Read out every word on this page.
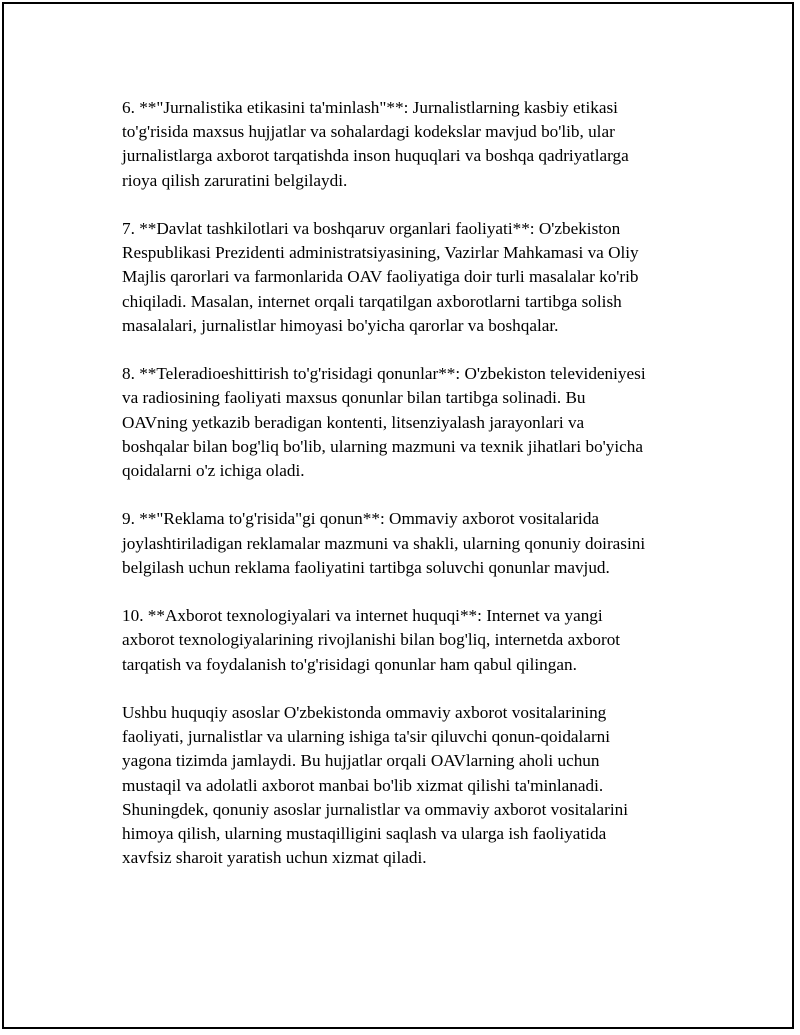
6. **"Jurnalistika etikasini ta'minlash"**: Jurnalistlarning kasbiy etikasi
to'g'risida maxsus hujjatlar va sohalardagi kodekslar mavjud bo'lib, ular
jurnalistlarga axborot tarqatishda inson huquqlari va boshqa qadriyatlarga
rioya qilish zaruratini belgilaydi.

7. **Davlat tashkilotlari va boshqaruv organlari faoliyati**: O'zbekiston
Respublikasi Prezidenti administratsiyasining, Vazirlar Mahkamasi va Oliy
Majlis qarorlari va farmonlarida OAV faoliyatiga doir turli masalalar ko'rib
chiqiladi. Masalan, internet orqali tarqatilgan axborotlarni tartibga solish
masalalari, jurnalistlar himoyasi bo'yicha qarorlar va boshqalar.

8. **Teleradioeshittirish to'g'risidagi qonunlar**: O'zbekiston televideniyesi
va radiosining faoliyati maxsus qonunlar bilan tartibga solinadi. Bu
OAVning yetkazib beradigan kontenti, litsenziyalash jarayonlari va
boshqalar bilan bog'liq bo'lib, ularning mazmuni va texnik jihatlari bo'yicha
qoidalarni o'z ichiga oladi.

9. **"Reklama to'g'risida"gi qonun**: Ommaviy axborot vositalarida
joylashtiriladigan reklamalar mazmuni va shakli, ularning qonuniy doirasini
belgilash uchun reklama faoliyatini tartibga soluvchi qonunlar mavjud.

10. **Axborot texnologiyalari va internet huquqi**: Internet va yangi
axborot texnologiyalarining rivojlanishi bilan bog'liq, internetda axborot
tarqatish va foydalanish to'g'risidagi qonunlar ham qabul qilingan.

Ushbu huquqiy asoslar O'zbekistonda ommaviy axborot vositalarining
faoliyati, jurnalistlar va ularning ishiga ta'sir qiluvchi qonun-qoidalarni
yagona tizimda jamlaydi. Bu hujjatlar orqali OAVlarning aholi uchun
mustaqil va adolatli axborot manbai bo'lib xizmat qilishi ta'minlanadi.
Shuningdek, qonuniy asoslar jurnalistlar va ommaviy axborot vositalarini
himoya qilish, ularning mustaqilligini saqlash va ularga ish faoliyatida
xavfsiz sharoit yaratish uchun xizmat qiladi.
